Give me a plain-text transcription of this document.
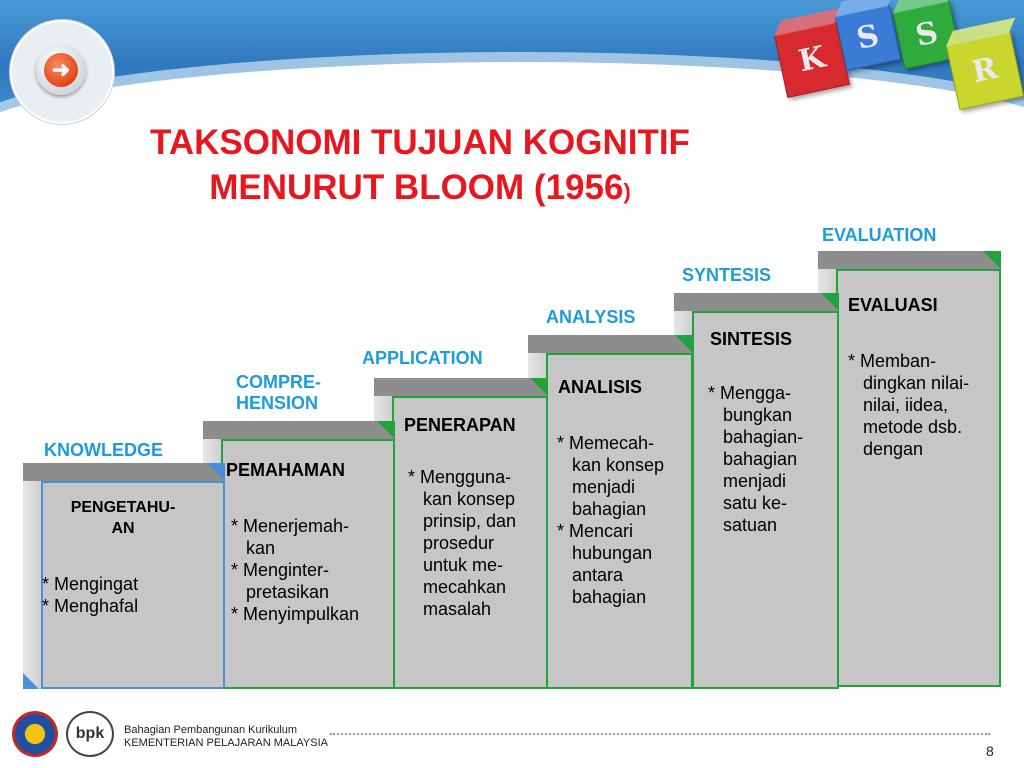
➜	K
S	S
R
TAKSONOMI TUJUAN KOGNITIF
MENURUT BLOOM (1956)
KNOWLEDGE
COMPRE-
HENSION
APPLICATION
ANALYSIS
SYNTESIS
EVALUATION
EVALUASI
* Memban-
dingkan nilai-
nilai, iidea,
metode dsb.
dengan
SINTESIS
* Mengga-
bungkan
bahagian-
bahagian
menjadi
satu ke-
satuan
ANALISIS
* Memecah-
kan konsep
menjadi
bahagian
* Mencari
hubungan
antara
bahagian
PENERAPAN
* Mengguna-
kan konsep
prinsip, dan
prosedur
untuk me-
mecahkan
masalah
PEMAHAMAN
* Menerjemah-
kan
* Menginter-
pretasikan
* Menyimpulkan
PENGETAHU-
AN
* Mengingat
* Menghafal
bpk	Bahagian Pembangunan Kurikulum
KEMENTERIAN PELAJARAN MALAYSIA	8
